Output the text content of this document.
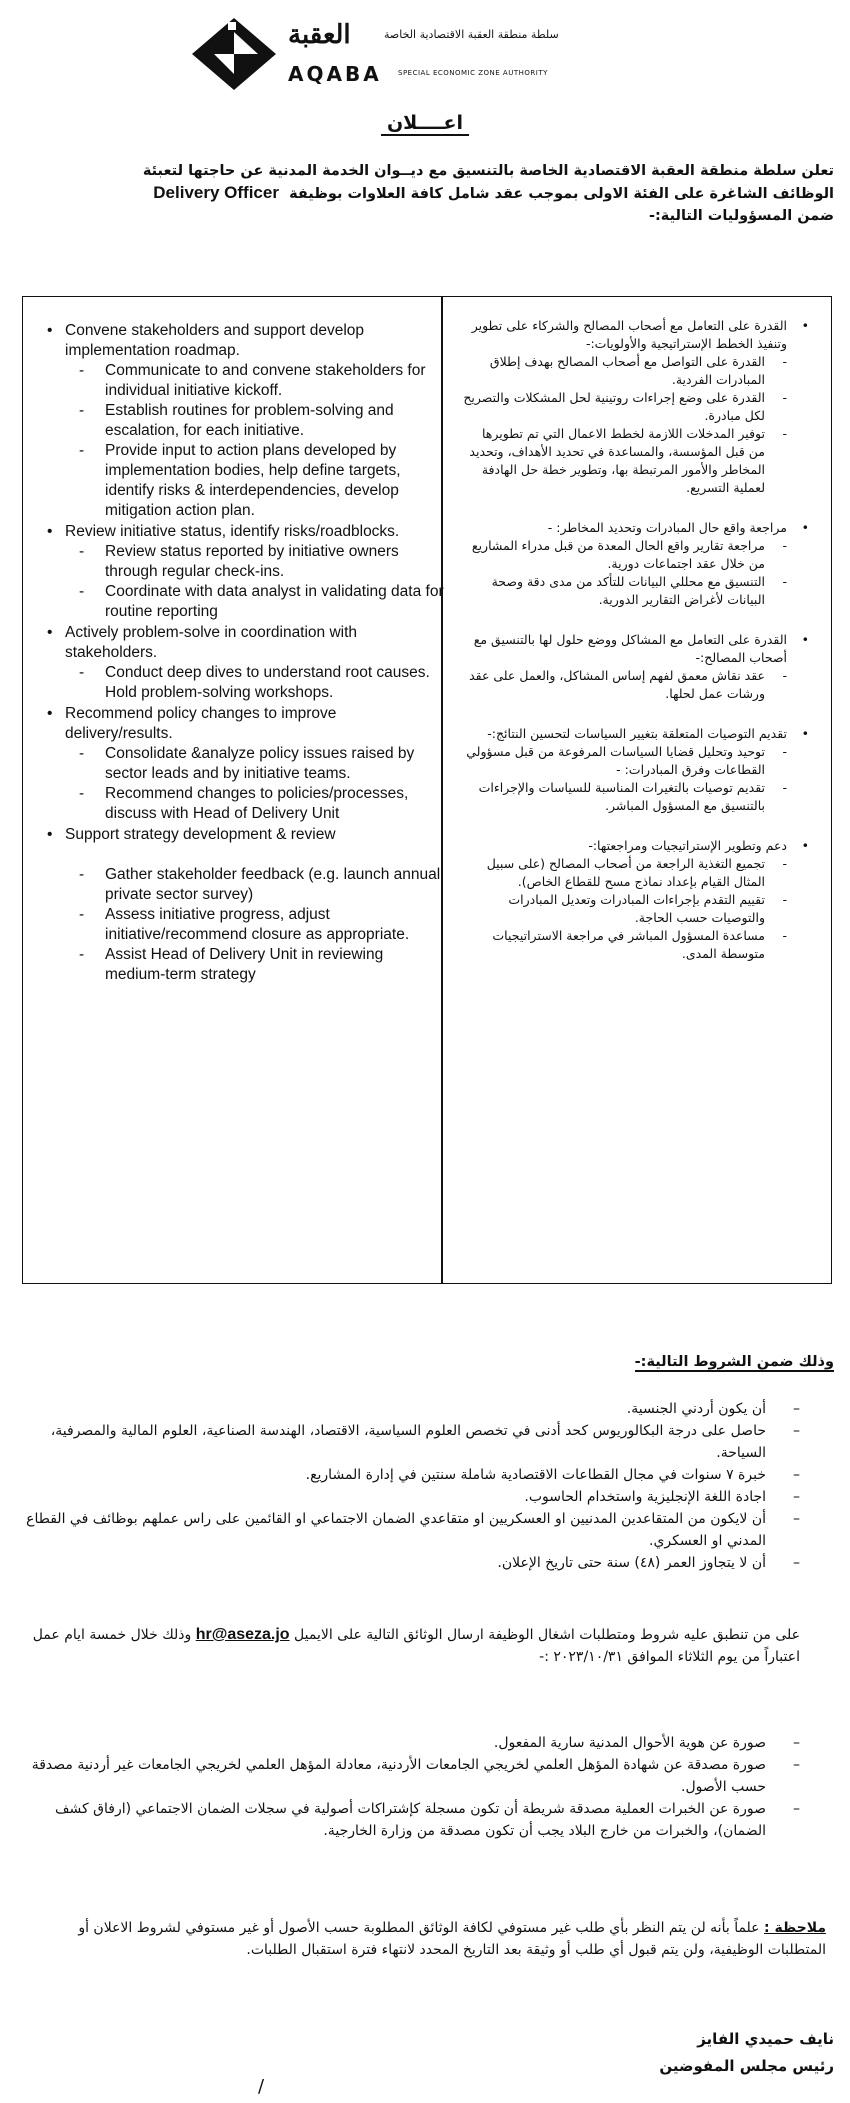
العقبة	سلطة منطقة العقبة الاقتصادية الخاصة
AQABA SPECIAL ECONOMIC ZONE AUTHORITY
اعــــلان

تعلن سلطة منطقة العقبة الاقتصادية الخاصة بالتنسيق مع ديــوان الخدمة المدنية عن حاجتها لتعبئة

الوظائف الشاغرة على الفئة الاولى بموجب عقد شامل كافة العلاوات بوظيفة  Delivery Officer

ضمن المسؤوليات التالية:-

• Convene stakeholders and support develop implementation roadmap.
- Communicate to and convene stakeholders for individual initiative kickoff.
- Establish routines for problem-solving and escalation, for each initiative.
- Provide input to action plans developed by implementation bodies, help define targets, identify risks & interdependencies, develop mitigation action plan.
• Review initiative status, identify risks/roadblocks.
- Review status reported by initiative owners through regular check-ins.
- Coordinate with data analyst in validating data for routine reporting
• Actively problem-solve in coordination with stakeholders.
- Conduct deep dives to understand root causes. Hold problem-solving workshops.
• Recommend policy changes to improve delivery/results.
- Consolidate &analyze policy issues raised by sector leads and by initiative teams.
- Recommend changes to policies/processes, discuss with Head of Delivery Unit
• Support strategy development & review
- Gather stakeholder feedback (e.g. launch annual private sector survey)
- Assess initiative progress, adjust initiative/recommend closure as appropriate.
- Assist Head of Delivery Unit in reviewing medium-term strategy
• القدرة على التعامل مع أصحاب المصالح والشركاء على تطوير وتنفيذ الخطط الإستراتيجية والأولويات:-
- القدرة على التواصل مع أصحاب المصالح بهدف إطلاق المبادرات الفردية.
- القدرة على وضع إجراءات روتينية لحل المشكلات والتصريح لكل مبادرة.
- توفير المدخلات اللازمة لخطط الاعمال التي تم تطويرها من قبل المؤسسة، والمساعدة في تحديد الأهداف، وتحديد المخاطر والأمور المرتبطة بها، وتطوير خطة حل الهادفة لعملية التسريع.
• مراجعة واقع حال المبادرات وتحديد المخاطر: -
- مراجعة تقارير واقع الحال المعدة من قبل مدراء المشاريع من خلال عقد اجتماعات دورية.
- التنسيق مع محللي البيانات للتأكد من مدى دقة وصحة البيانات لأغراض التقارير الدورية.
• القدرة على التعامل مع المشاكل ووضع حلول لها بالتنسيق مع أصحاب المصالح:-
- عقد نقاش معمق لفهم إساس المشاكل، والعمل على عقد ورشات عمل لحلها.
• تقديم التوصيات المتعلقة بتغيير السياسات لتحسين النتائج:-
- توحيد وتحليل قضايا السياسات المرفوعة من قبل مسؤولي القطاعات وفرق المبادرات: -
- تقديم توصيات بالتغيرات المناسبة للسياسات والإجراءات بالتنسيق مع المسؤول المباشر.
• دعم وتطوير الإستراتيجيات ومراجعتها:-
- تجميع التغذية الراجعة من أصحاب المصالح (على سبيل المثال القيام بإعداد نماذج مسح للقطاع الخاص).
- تقييم التقدم بإجراءات المبادرات وتعديل المبادرات والتوصيات حسب الحاجة.
- مساعدة المسؤول المباشر في مراجعة الاستراتيجيات متوسطة المدى.
وذلك ضمن الشروط التالية:-
– أن يكون أردني الجنسية.
– حاصل على درجة البكالوريوس كحد أدنى في تخصص العلوم السياسية، الاقتصاد، الهندسة الصناعية، العلوم المالية والمصرفية، السياحة.
– خبرة ٧ سنوات في مجال القطاعات الاقتصادية شاملة سنتين في إدارة المشاريع.
– اجادة اللغة الإنجليزية واستخدام الحاسوب.
– أن لايكون من المتقاعدين المدنيين او العسكريين او متقاعدي الضمان الاجتماعي او القائمين على راس عملهم بوظائف في القطاع المدني او العسكري.
– أن لا يتجاوز العمر (٤٨) سنة حتى تاريخ الإعلان.
على من تنطبق عليه شروط ومتطلبات اشغال الوظيفة ارسال الوثائق التالية على الايميل hr@aseza.jo وذلك خلال خمسة ايام عمل اعتباراً من يوم الثلاثاء الموافق ٢٠٢٣/١٠/٣١ :-
– صورة عن هوية الأحوال المدنية سارية المفعول.
– صورة مصدقة عن شهادة المؤهل العلمي لخريجي الجامعات الأردنية، معادلة المؤهل العلمي لخريجي الجامعات غير أردنية مصدقة حسب الأصول.
– صورة عن الخبرات العملية مصدقة شريطة أن تكون مسجلة كإشتراكات أصولية في سجلات الضمان الاجتماعي (ارفاق كشف الضمان)، والخبرات من خارج البلاد يجب أن تكون مصدقة من وزارة الخارجية.
ملاحظة : علماً بأنه لن يتم النظر بأي طلب غير مستوفي لكافة الوثائق المطلوبة حسب الأصول أو غير مستوفي لشروط الاعلان أو المتطلبات الوظيفية، ولن يتم قبول أي طلب أو وثيقة بعد التاريخ المحدد لانتهاء فترة استقبال الطلبات.
نايف حميدي الفايز
رئيس مجلس المفوضين
/
